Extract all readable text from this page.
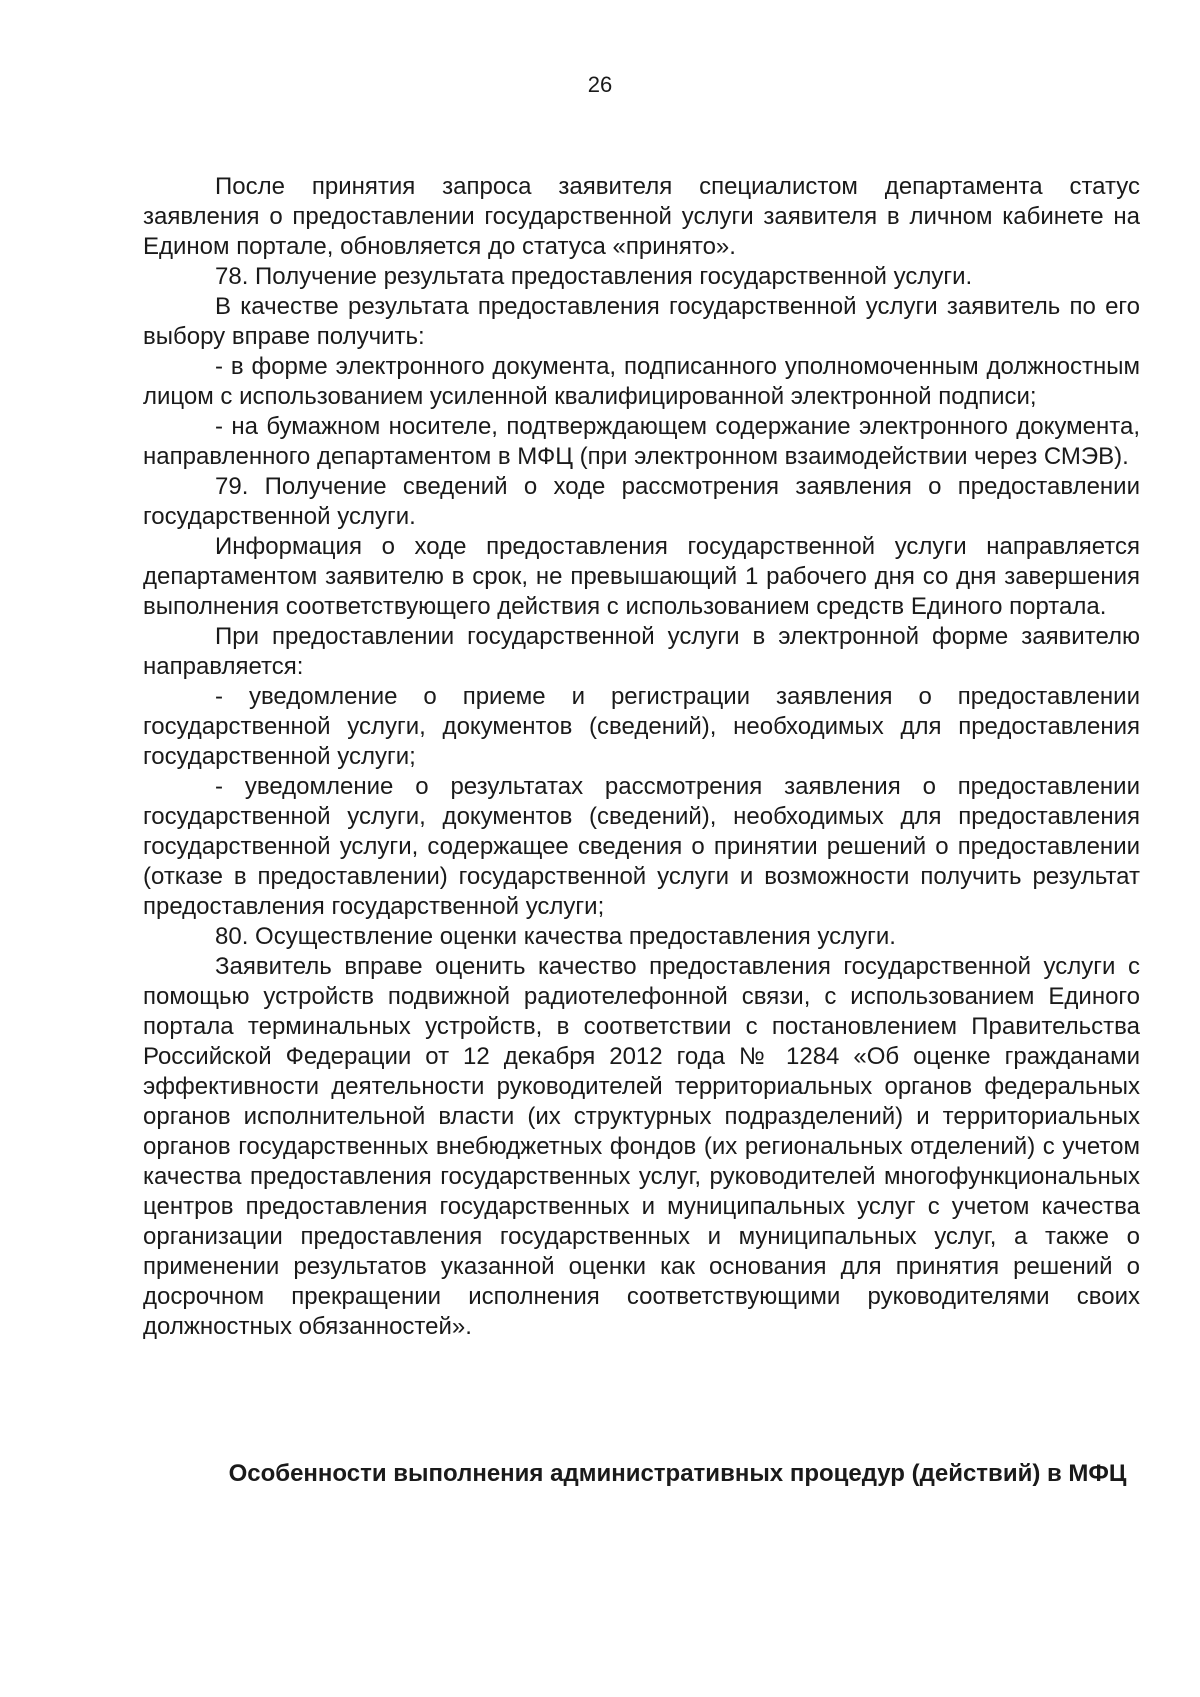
26

После принятия запроса заявителя специалистом департамента статус заявления о предоставлении государственной услуги заявителя в личном кабинете на Едином портале, обновляется до статуса «принято».

78. Получение результата предоставления государственной услуги.

В качестве результата предоставления государственной услуги заявитель по его выбору вправе получить:

- в форме электронного документа, подписанного уполномоченным должностным лицом с использованием усиленной квалифицированной электронной подписи;

- на бумажном носителе, подтверждающем содержание электронного документа, направленного департаментом в МФЦ (при электронном взаимодействии через СМЭВ).

79. Получение сведений о ходе рассмотрения заявления о предоставлении государственной услуги.

Информация о ходе предоставления государственной услуги направляется департаментом заявителю в срок, не превышающий 1 рабочего дня со дня завершения выполнения соответствующего действия с использованием средств Единого портала.

При предоставлении государственной услуги в электронной форме заявителю направляется:

- уведомление о приеме и регистрации заявления о предоставлении государственной услуги, документов (сведений), необходимых для предоставления государственной услуги;

- уведомление о результатах рассмотрения заявления о предоставлении государственной услуги, документов (сведений), необходимых для предоставления государственной услуги, содержащее сведения о принятии решений о предоставлении (отказе в предоставлении) государственной услуги и возможности получить результат предоставления государственной услуги;

80. Осуществление оценки качества предоставления услуги.

Заявитель вправе оценить качество предоставления государственной услуги с помощью устройств подвижной радиотелефонной связи, с использованием Единого портала терминальных устройств, в соответствии с постановлением Правительства Российской Федерации от 12 декабря 2012 года № 1284 «Об оценке гражданами эффективности деятельности руководителей территориальных органов федеральных органов исполнительной власти (их структурных подразделений) и территориальных органов государственных внебюджетных фондов (их региональных отделений) с учетом качества предоставления государственных услуг, руководителей многофункциональных центров предоставления государственных и муниципальных услуг с учетом качества организации предоставления государственных и муниципальных услуг, а также о применении результатов указанной оценки как основания для принятия решений о досрочном прекращении исполнения соответствующими руководителями своих должностных обязанностей».

Особенности выполнения административных процедур (действий) в МФЦ
